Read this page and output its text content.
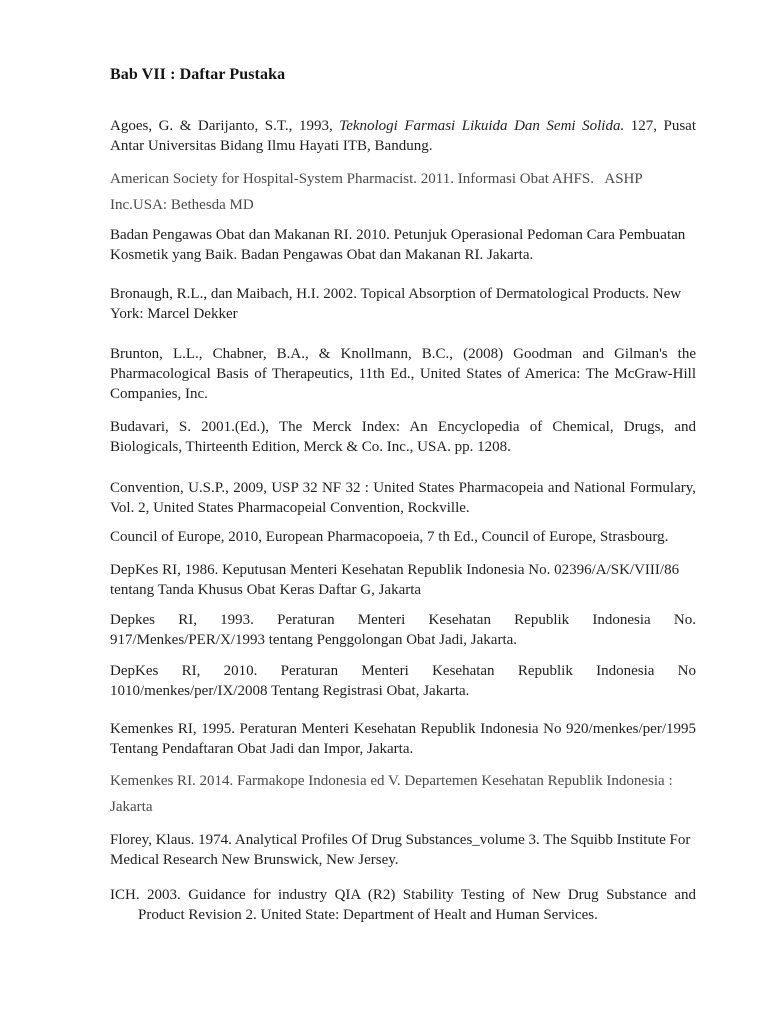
Bab VII : Daftar Pustaka

Agoes, G. & Darijanto, S.T., 1993, Teknologi Farmasi Likuida Dan Semi Solida. 127, Pusat Antar Universitas Bidang Ilmu Hayati ITB, Bandung.

American Society for Hospital-System Pharmacist. 2011. Informasi Obat AHFS.   ASHP Inc.USA: Bethesda MD

Badan Pengawas Obat dan Makanan RI. 2010. Petunjuk Operasional Pedoman Cara Pembuatan Kosmetik yang Baik. Badan Pengawas Obat dan Makanan RI. Jakarta.

Bronaugh, R.L., dan Maibach, H.I. 2002. Topical Absorption of Dermatological Products. New York: Marcel Dekker

Brunton, L.L., Chabner, B.A., & Knollmann, B.C., (2008) Goodman and Gilman's the Pharmacological Basis of Therapeutics, 11th Ed., United States of America: The McGraw-Hill Companies, Inc.

Budavari, S. 2001.(Ed.), The Merck Index: An Encyclopedia of Chemical, Drugs, and Biologicals, Thirteenth Edition, Merck & Co. Inc., USA. pp. 1208.

Convention, U.S.P., 2009, USP 32 NF 32 : United States Pharmacopeia and National Formulary, Vol. 2, United States Pharmacopeial Convention, Rockville.

Council of Europe, 2010, European Pharmacopoeia, 7 th Ed., Council of Europe, Strasbourg.

DepKes RI, 1986. Keputusan Menteri Kesehatan Republik Indonesia No. 02396/A/SK/VIII/86 tentang Tanda Khusus Obat Keras Daftar G, Jakarta

Depkes RI, 1993. Peraturan Menteri Kesehatan Republik Indonesia No. 917/Menkes/PER/X/1993 tentang Penggolongan Obat Jadi, Jakarta.

DepKes RI, 2010. Peraturan Menteri Kesehatan Republik Indonesia No 1010/menkes/per/IX/2008 Tentang Registrasi Obat, Jakarta.

Kemenkes RI, 1995. Peraturan Menteri Kesehatan Republik Indonesia No 920/menkes/per/1995 Tentang Pendaftaran Obat Jadi dan Impor, Jakarta.

Kemenkes RI. 2014. Farmakope Indonesia ed V. Departemen Kesehatan Republik Indonesia : Jakarta

Florey, Klaus. 1974. Analytical Profiles Of Drug Substances_volume 3. The Squibb Institute For Medical Research New Brunswick, New Jersey.

ICH. 2003. Guidance for industry QIA (R2) Stability Testing of New Drug Substance and Product Revision 2. United State: Department of Healt and Human Services.
